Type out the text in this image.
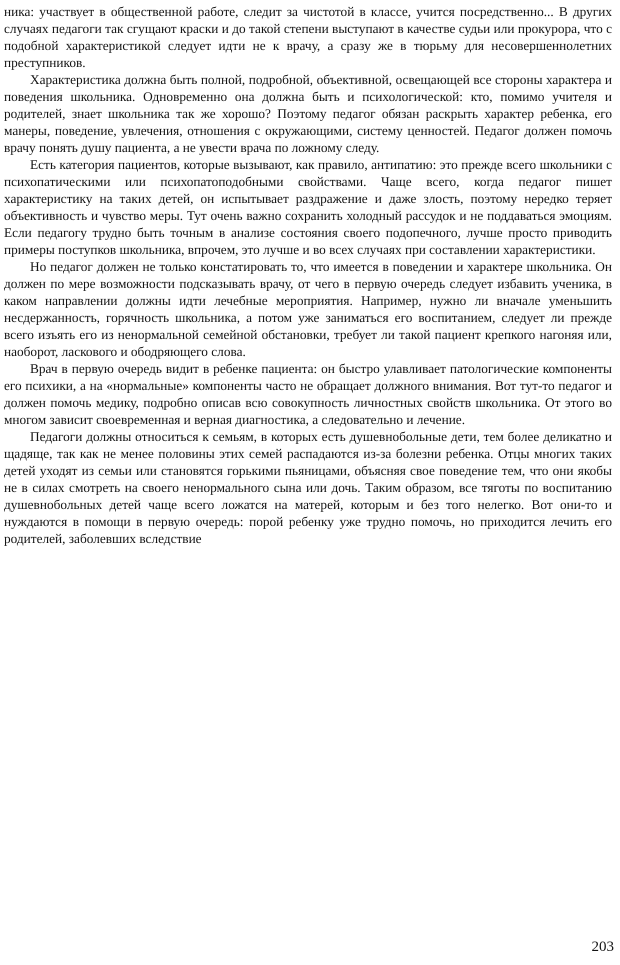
ника: участвует в общественной работе, следит за чистотой в классе, учится посредственно... В других случаях педагоги так сгущают краски и до такой степени выступают в качестве судьи или прокурора, что с подобной характеристикой следует идти не к врачу, а сразу же в тюрьму для несовершеннолетних преступников.

Характеристика должна быть полной, подробной, объективной, освещающей все стороны характера и поведения школьника. Одновременно она должна быть и психологической: кто, помимо учителя и родителей, знает школьника так же хорошо? Поэтому педагог обязан раскрыть характер ребенка, его манеры, поведение, увлечения, отношения с окружающими, систему ценностей. Педагог должен помочь врачу понять душу пациента, а не увести врача по ложному следу.

Есть категория пациентов, которые вызывают, как правило, антипатию: это прежде всего школьники с психопатическими или психопатоподобными свойствами. Чаще всего, когда педагог пишет характеристику на таких детей, он испытывает раздражение и даже злость, поэтому нередко теряет объективность и чувство меры. Тут очень важно сохранить холодный рассудок и не поддаваться эмоциям. Если педагогу трудно быть точным в анализе состояния своего подопечного, лучше просто приводить примеры поступков школьника, впрочем, это лучше и во всех случаях при составлении характеристики.

Но педагог должен не только констатировать то, что имеется в поведении и характере школьника. Он должен по мере возможности подсказывать врачу, от чего в первую очередь следует избавить ученика, в каком направлении должны идти лечебные мероприятия. Например, нужно ли вначале уменьшить несдержанность, горячность школьника, а потом уже заниматься его воспитанием, следует ли прежде всего изъять его из ненормальной семейной обстановки, требует ли такой пациент крепкого нагоняя или, наоборот, ласкового и ободряющего слова.

Врач в первую очередь видит в ребенке пациента: он быстро улавливает патологические компоненты его психики, а на «нормальные» компоненты часто не обращает должного внимания. Вот тут-то педагог и должен помочь медику, подробно описав всю совокупность личностных свойств школьника. От этого во многом зависит своевременная и верная диагностика, а следовательно и лечение.

Педагоги должны относиться к семьям, в которых есть душевнобольные дети, тем более деликатно и щадяще, так как не менее половины этих семей распадаются из-за болезни ребенка. Отцы многих таких детей уходят из семьи или становятся горькими пьяницами, объясняя свое поведение тем, что они якобы не в силах смотреть на своего ненормального сына или дочь. Таким образом, все тяготы по воспитанию душевнобольных детей чаще всего ложатся на матерей, которым и без того нелегко. Вот они-то и нуждаются в помощи в первую очередь: порой ребенку уже трудно помочь, но приходится лечить его родителей, заболевших вследствие

203
